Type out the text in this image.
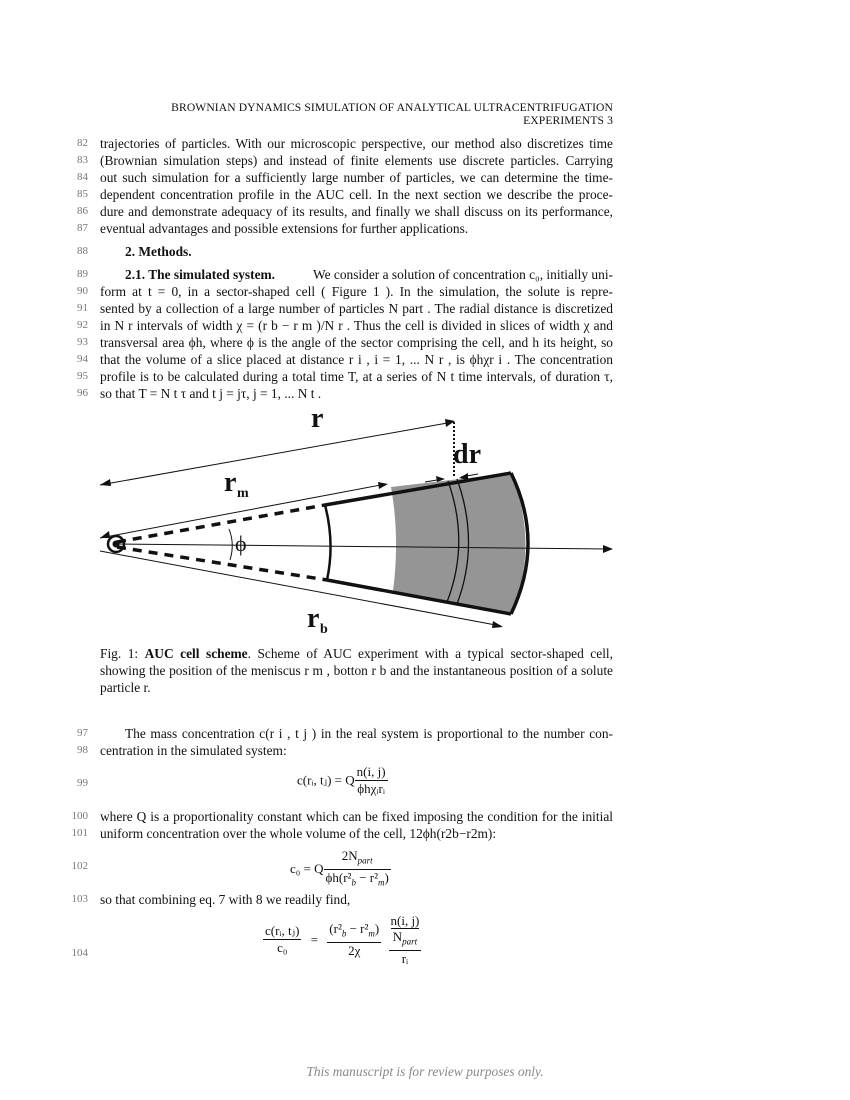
BROWNIAN DYNAMICS SIMULATION OF ANALYTICAL ULTRACENTRIFUGATION EXPERIMENTS 3
82 trajectories of particles. With our microscopic perspective, our method also discretizes time
83 (Brownian simulation steps) and instead of finite elements use discrete particles. Carrying
84 out such simulation for a sufficiently large number of particles, we can determine the time-
85 dependent concentration profile in the AUC cell. In the next section we describe the proce-
86 dure and demonstrate adequacy of its results, and finally we shall discuss on its performance,
87 eventual advantages and possible extensions for further applications.
88	2. Methods.
89	2.1. The simulated system.	We consider a solution of concentration c₀, initially uni-
90 form at t = 0, in a sector-shaped cell ( Figure 1 ). In the simulation, the solute is repre-
91 sented by a collection of a large number of particles N part . The radial distance is discretized
92 in N r intervals of width χ = (r b − r m )/N r . Thus the cell is divided in slices of width χ and
93 transversal area ϕh, where ϕ is the angle of the sector comprising the cell, and h its height, so
94 that the volume of a slice placed at distance r i , i = 1, ... N r , is ϕhχr i . The concentration
95 profile is to be calculated during a total time T, at a series of N t time intervals, of duration τ,
96 so that T = N t τ and t j = jτ, j = 1, ... N t .
r
dr
r m
r b
ϕ
Fig. 1: AUC cell scheme. Scheme of AUC experiment with a typical sector-shaped cell,
showing the position of the meniscus r m , botton r b and the instantaneous position of a solute
particle r.
97	The mass concentration c(r i , t j ) in the real system is proportional to the number con-
98 centration in the simulated system:
99	c(rᵢ, tⱼ) = Q $\frac{n(i, j)}{\text{ϕhχᵢrᵢ}}$
100 where Q is a proportionality constant which can be fixed imposing the condition for the initial
101 uniform concentration over the whole volume of the cell, 12ϕh(r2b−r2m):
102	c₀ = Q $\frac{2N_{part}}{\phi h(r^2_b - r^2_m)}$
103 so that combining eq. 7 with 8 we readily find,
104	$\frac{\text{c(rᵢ, tⱼ)}}{\text{c₀}} = \frac{(r^2_b - r^2_m)}{2\chi}$
n(i, j)
$N_{part}$
rᵢ
This manuscript is for review purposes only.
